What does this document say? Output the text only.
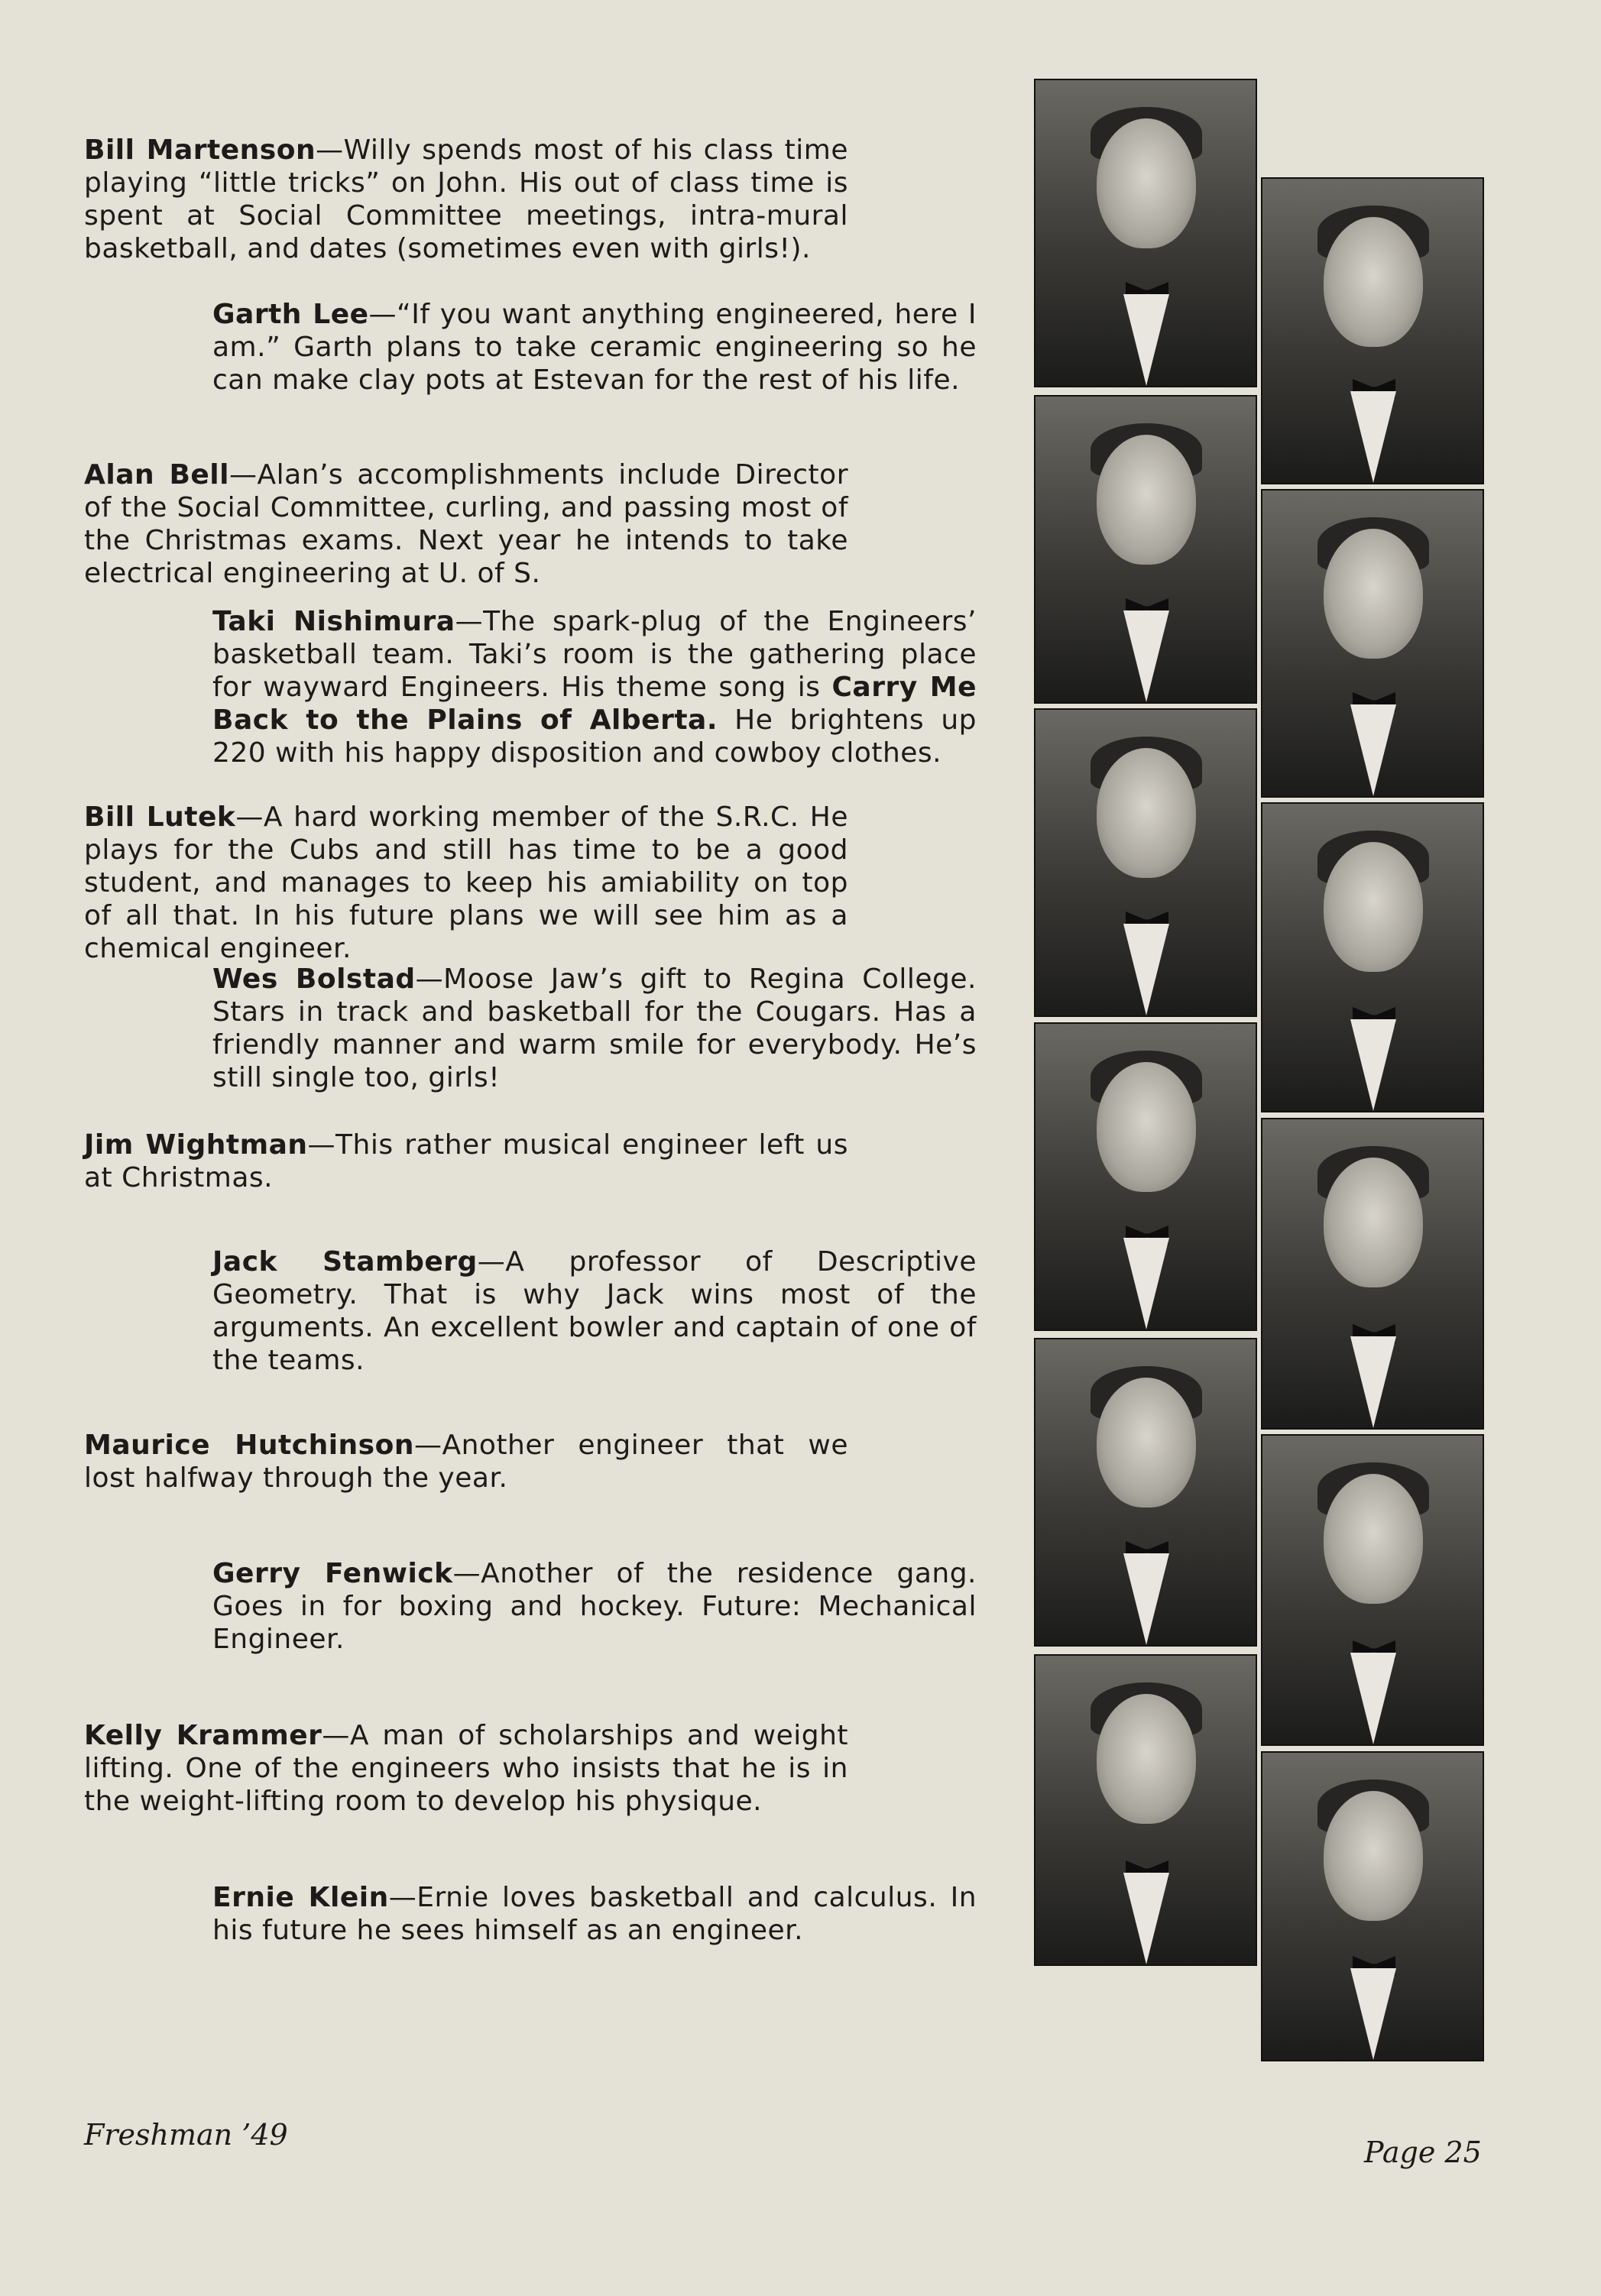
Bill Martenson—Willy spends most of his class time playing “little tricks” on John. His out of class time is spent at Social Committee meetings, intra-mural basketball, and dates (sometimes even with girls!).
Garth Lee—“If you want anything engineered, here I am.” Garth plans to take ceramic engineering so he can make clay pots at Estevan for the rest of his life.
Alan Bell—Alan’s accomplishments include Director of the Social Committee, curling, and passing most of the Christmas exams. Next year he intends to take electrical engineering at U. of S.
Taki Nishimura—The spark-plug of the Engineers’ basketball team. Taki’s room is the gathering place for wayward Engineers. His theme song is Carry Me Back to the Plains of Alberta. He brightens up 220 with his happy disposition and cowboy clothes.
Bill Lutek—A hard working member of the S.R.C. He plays for the Cubs and still has time to be a good student, and manages to keep his amiability on top of all that. In his future plans we will see him as a chemical engineer.
Wes Bolstad—Moose Jaw’s gift to Regina College. Stars in track and basketball for the Cougars. Has a friendly manner and warm smile for everybody. He’s still single too, girls!
Jim Wightman—This rather musical engineer left us at Christmas.
Jack Stamberg—A professor of Descriptive Geometry. That is why Jack wins most of the arguments. An excellent bowler and captain of one of the teams.
Maurice Hutchinson—Another engineer that we lost halfway through the year.
Gerry Fenwick—Another of the residence gang. Goes in for boxing and hockey. Future: Mechanical Engineer.
Kelly Krammer—A man of scholarships and weight lifting. One of the engineers who insists that he is in the weight-lifting room to develop his physique.
Ernie Klein—Ernie loves basketball and calculus. In his future he sees himself as an engineer.
Freshman ’49
Page 25
